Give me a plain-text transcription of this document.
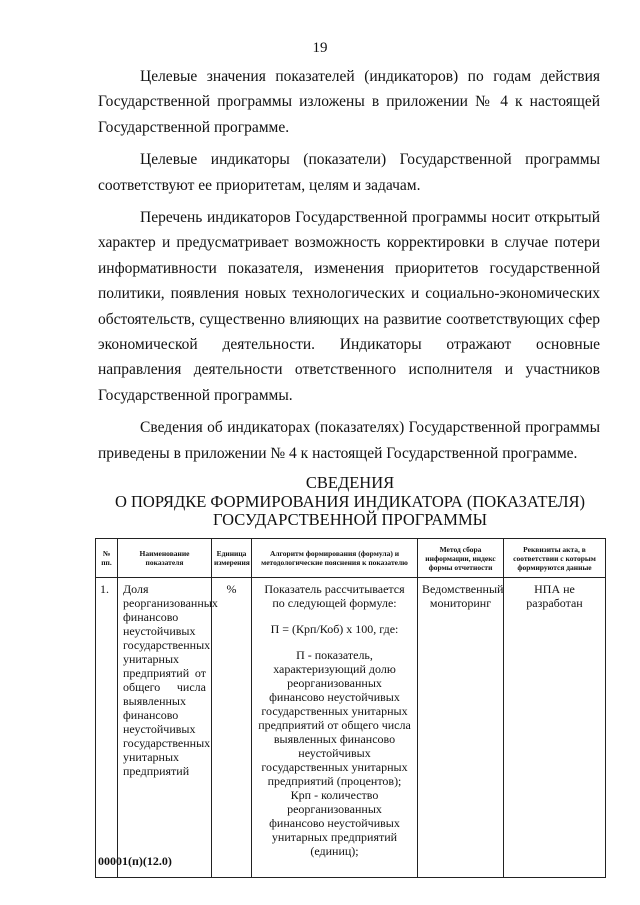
19

Целевые значения показателей (индикаторов) по годам действия Государственной программы изложены в приложении № 4 к настоящей Государственной программе.

Целевые индикаторы (показатели) Государственной программы соответствуют ее приоритетам, целям и задачам.

Перечень индикаторов Государственной программы носит открытый характер и предусматривает возможность корректировки в случае потери информативности показателя, изменения приоритетов государственной политики, появления новых технологических и социально-экономических обстоятельств, существенно влияющих на развитие соответствующих сфер экономической деятельности. Индикаторы отражают основные направления деятельности ответственного исполнителя и участников Государственной программы.

Сведения об индикаторах (показателях) Государственной программы приведены в приложении № 4 к настоящей Государственной программе.

СВЕДЕНИЯ
О ПОРЯДКЕ ФОРМИРОВАНИЯ ИНДИКАТОРА (ПОКАЗАТЕЛЯ)
ГОСУДАРСТВЕННОЙ ПРОГРАММЫ
№ пп.	Наименование показателя	Единица измерения	Алгоритм формирования (формула) и методологические пояснения к показателю	Метод сбора информации, индекс формы отчетности	Реквизиты акта, в соответствии с которым формируются данные
1.	Доля реорганизованных финансово неустойчивых государственных унитарных предприятий от общего числа выявленных финансово неустойчивых государственных унитарных предприятий	%	Показатель рассчитывается по следующей формуле:

П = (Крп/Коб) х 100, где:

П - показатель, характеризующий долю реорганизованных финансово неустойчивых государственных унитарных предприятий от общего числа выявленных финансово неустойчивых государственных унитарных предприятий (процентов);

Крп - количество реорганизованных финансово неустойчивых унитарных предприятий (единиц);	Ведомственный мониторинг	НПА не разработан
00001(п)(12.0)
